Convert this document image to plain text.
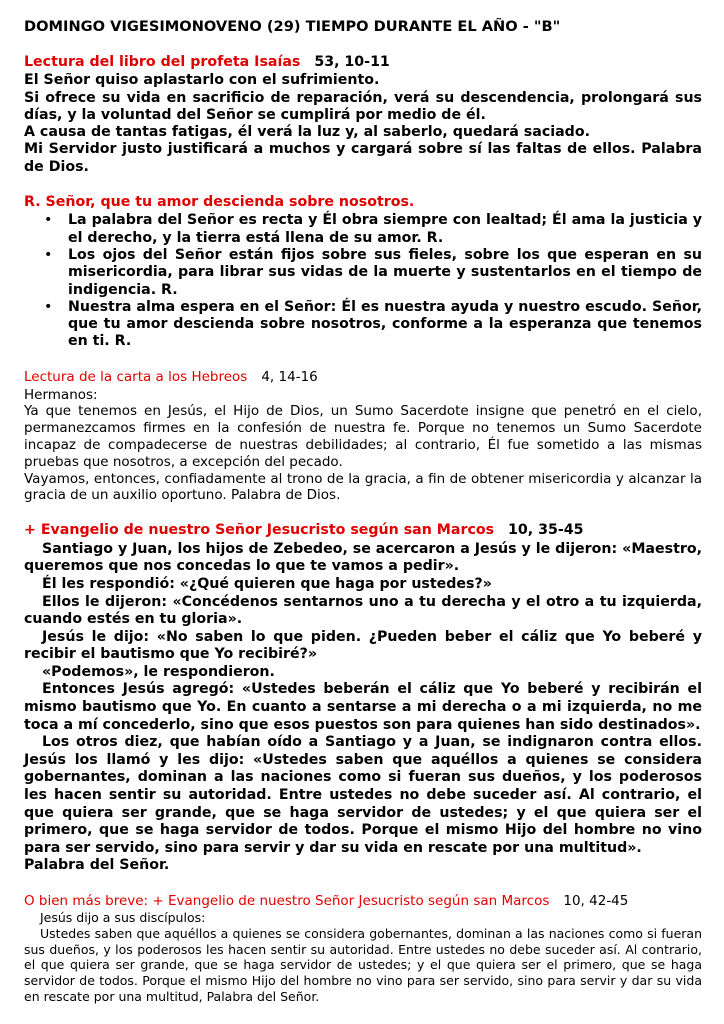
DOMINGO VIGESIMONOVENO (29) TIEMPO DURANTE EL AÑO - "B"
Lectura del libro del profeta Isaías 53, 10-11

El Señor quiso aplastarlo con el sufrimiento.

Si ofrece su vida en sacrificio de reparación, verá su descendencia, prolongará sus días, y la voluntad del Señor se cumplirá por medio de él.

A causa de tantas fatigas, él verá la luz y, al saberlo, quedará saciado.

Mi Servidor justo justificará a muchos y cargará sobre sí las faltas de ellos. Palabra de Dios.

R. Señor, que tu amor descienda sobre nosotros.
• La palabra del Señor es recta y Él obra siempre con lealtad; Él ama la justicia y el derecho, y la tierra está llena de su amor. R.
• Los ojos del Señor están fijos sobre sus fieles, sobre los que esperan en su misericordia, para librar sus vidas de la muerte y sustentarlos en el tiempo de indigencia. R.
• Nuestra alma espera en el Señor: Él es nuestra ayuda y nuestro escudo. Señor, que tu amor descienda sobre nosotros, conforme a la esperanza que tenemos en ti. R.
Lectura de la carta a los Hebreos 4, 14-16

Hermanos:

Ya que tenemos en Jesús, el Hijo de Dios, un Sumo Sacerdote insigne que penetró en el cielo, permanezcamos firmes en la confesión de nuestra fe. Porque no tenemos un Sumo Sacerdote incapaz de compadecerse de nuestras debilidades; al contrario, Él fue sometido a las mismas pruebas que nosotros, a excepción del pecado.

Vayamos, entonces, confiadamente al trono de la gracia, a fin de obtener misericordia y alcanzar la gracia de un auxilio oportuno. Palabra de Dios.

+ Evangelio de nuestro Señor Jesucristo según san Marcos 10, 35-45

Santiago y Juan, los hijos de Zebedeo, se acercaron a Jesús y le dijeron: «Maestro, queremos que nos concedas lo que te vamos a pedir».

Él les respondió: «¿Qué quieren que haga por ustedes?»

Ellos le dijeron: «Concédenos sentarnos uno a tu derecha y el otro a tu izquierda, cuando estés en tu gloria».

Jesús le dijo: «No saben lo que piden. ¿Pueden beber el cáliz que Yo beberé y recibir el bautismo que Yo recibiré?»

«Podemos», le respondieron.

Entonces Jesús agregó: «Ustedes beberán el cáliz que Yo beberé y recibirán el mismo bautismo que Yo. En cuanto a sentarse a mi derecha o a mi izquierda, no me toca a mí concederlo, sino que esos puestos son para quienes han sido destinados».

Los otros diez, que habían oído a Santiago y a Juan, se indignaron contra ellos. Jesús los llamó y les dijo: «Ustedes saben que aquéllos a quienes se considera gobernantes, dominan a las naciones como si fueran sus dueños, y los poderosos les hacen sentir su autoridad. Entre ustedes no debe suceder así. Al contrario, el que quiera ser grande, que se haga servidor de ustedes; y el que quiera ser el primero, que se haga servidor de todos. Porque el mismo Hijo del hombre no vino para ser servido, sino para servir y dar su vida en rescate por una multitud».

Palabra del Señor.

O bien más breve: + Evangelio de nuestro Señor Jesucristo según san Marcos 10, 42-45

Jesús dijo a sus discípulos:

Ustedes saben que aquéllos a quienes se considera gobernantes, dominan a las naciones como si fueran sus dueños, y los poderosos les hacen sentir su autoridad. Entre ustedes no debe suceder así. Al contrario, el que quiera ser grande, que se haga servidor de ustedes; y el que quiera ser el primero, que se haga servidor de todos. Porque el mismo Hijo del hombre no vino para ser servido, sino para servir y dar su vida en rescate por una multitud, Palabra del Señor.
